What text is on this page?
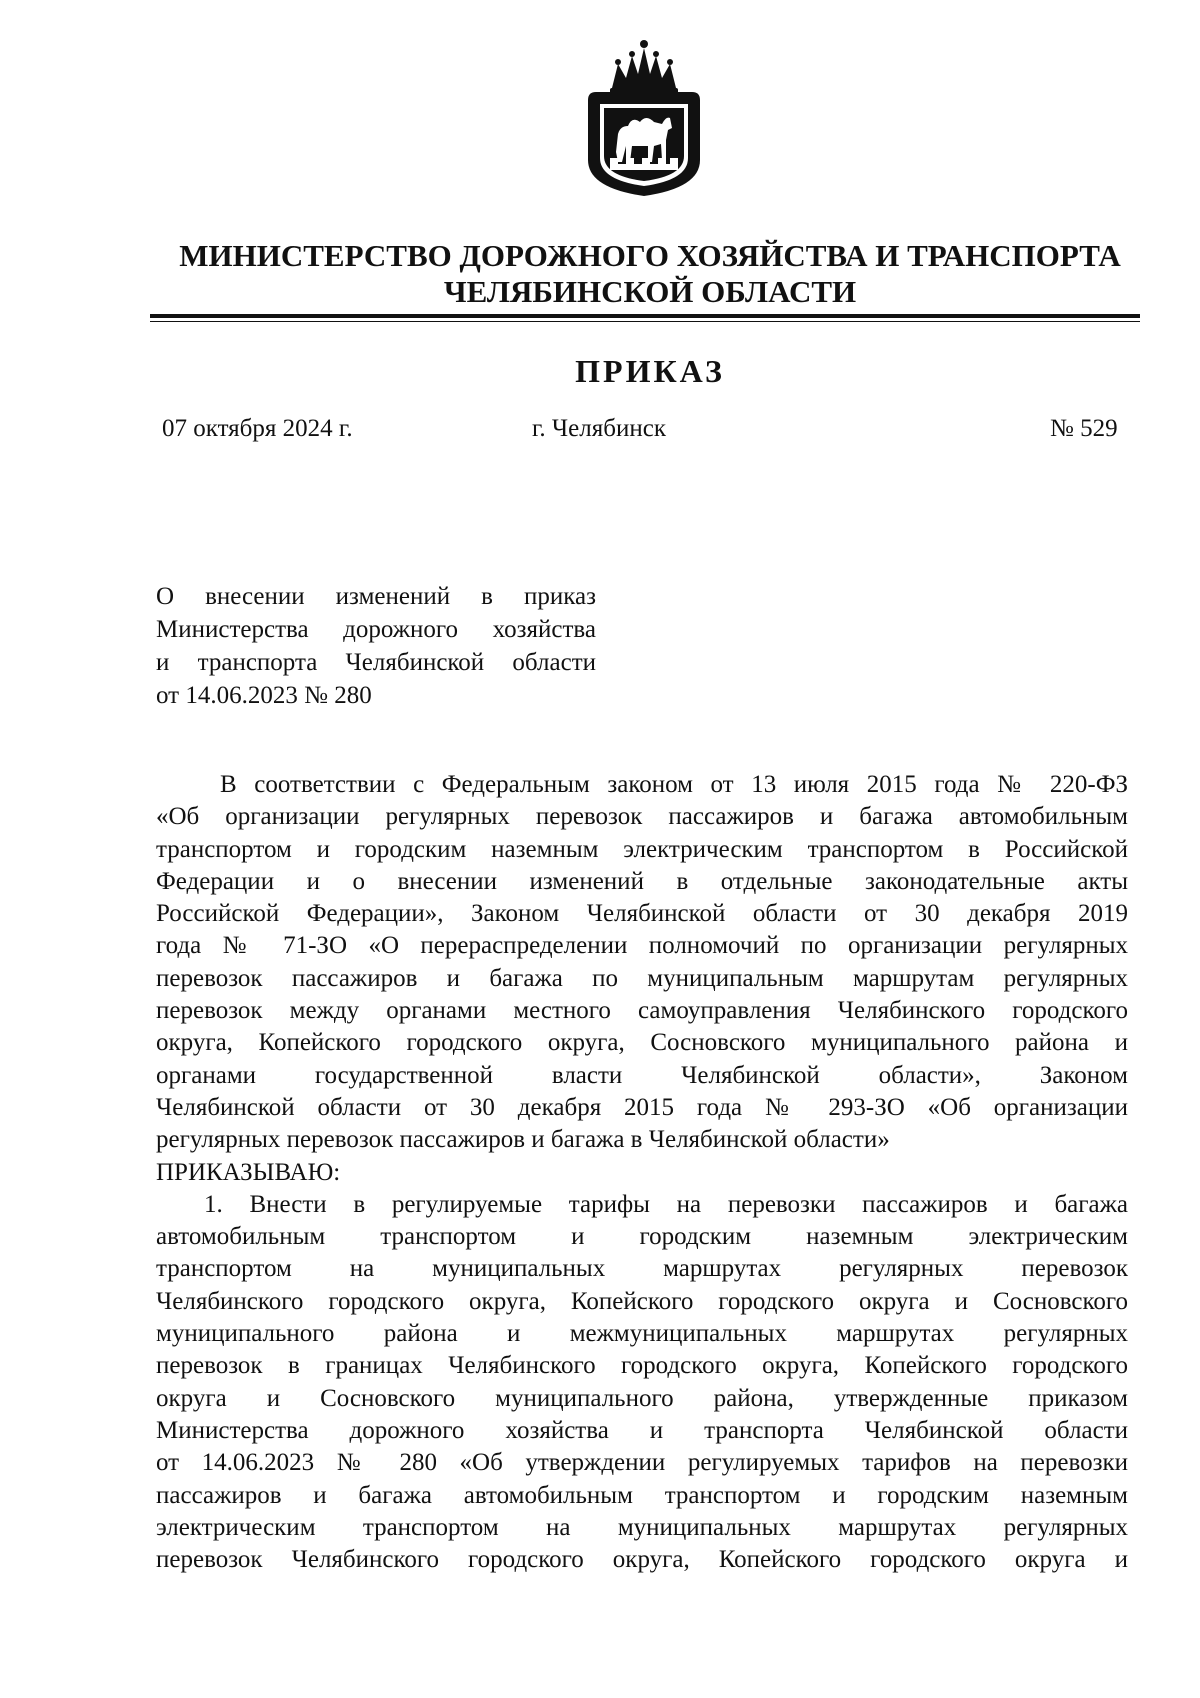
МИНИСТЕРСТВО ДОРОЖНОГО ХОЗЯЙСТВА И ТРАНСПОРТА
ЧЕЛЯБИНСКОЙ ОБЛАСТИ
ПРИКАЗ
07 октября 2024 г.	г. Челябинск	№ 529
О внесении изменений в приказ
Министерства дорожного хозяйства
и транспорта Челябинской области
от 14.06.2023 № 280
В соответствии с Федеральным законом от 13 июля 2015 года № 220-ФЗ
«Об организации регулярных перевозок пассажиров и багажа автомобильным
транспортом и городским наземным электрическим транспортом в Российской
Федерации и о внесении изменений в отдельные законодательные акты
Российской Федерации», Законом Челябинской области от 30 декабря 2019
года № 71-ЗО «О перераспределении полномочий по организации регулярных
перевозок пассажиров и багажа по муниципальным маршрутам регулярных
перевозок между органами местного самоуправления Челябинского городского
округа, Копейского городского округа, Сосновского муниципального района и
органами государственной власти Челябинской области», Законом
Челябинской области от 30 декабря 2015 года № 293-ЗО «Об организации
регулярных перевозок пассажиров и багажа в Челябинской области»
ПРИКАЗЫВАЮ:
1. Внести в регулируемые тарифы на перевозки пассажиров и багажа
автомобильным транспортом и городским наземным электрическим
транспортом на муниципальных маршрутах регулярных перевозок
Челябинского городского округа, Копейского городского округа и Сосновского
муниципального района и межмуниципальных маршрутах регулярных
перевозок в границах Челябинского городского округа, Копейского городского
округа и Сосновского муниципального района, утвержденные приказом
Министерства дорожного хозяйства и транспорта Челябинской области
от 14.06.2023 № 280 «Об утверждении регулируемых тарифов на перевозки
пассажиров и багажа автомобильным транспортом и городским наземным
электрическим транспортом на муниципальных маршрутах регулярных
перевозок Челябинского городского округа, Копейского городского округа и
